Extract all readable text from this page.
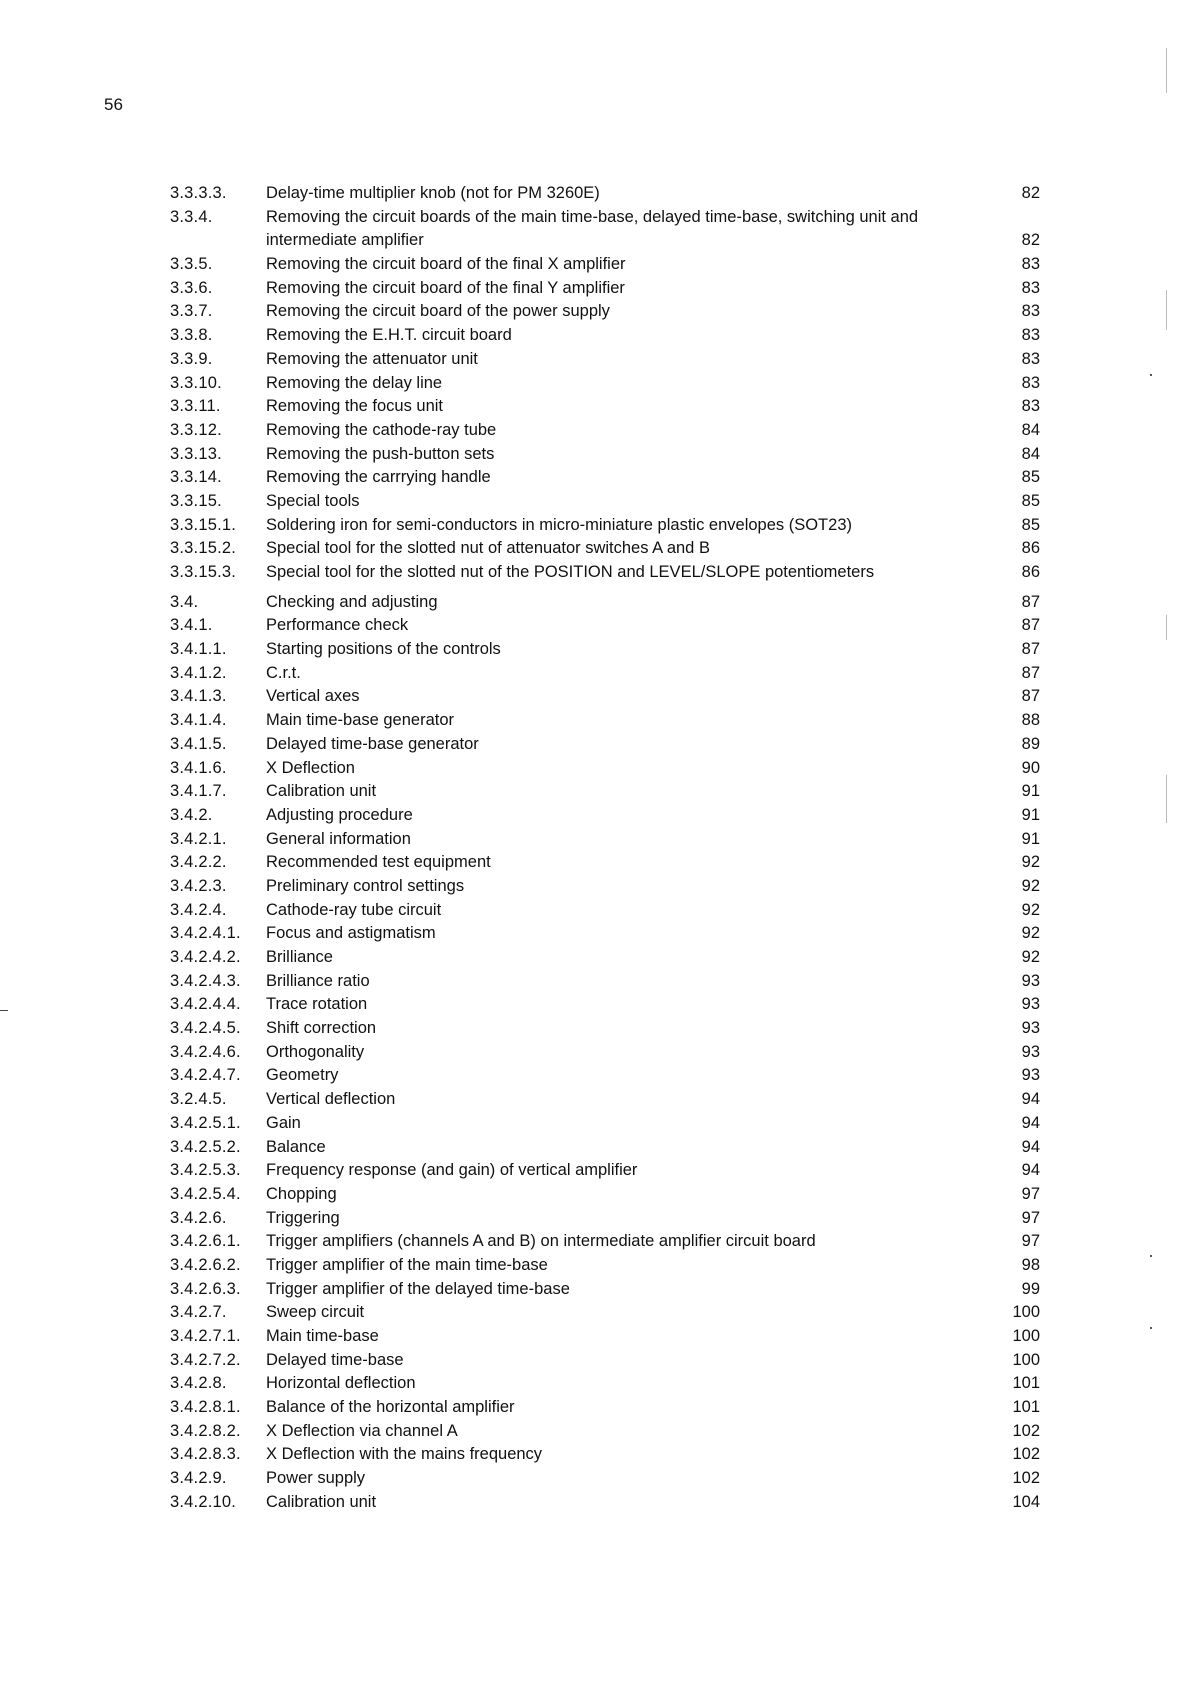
56
3.3.3.3.	Delay-time multiplier knob (not for PM 3260E)	82
3.3.4.	Removing the circuit boards of the main time-base, delayed time-base, switching unit and intermediate amplifier	82
3.3.5.	Removing the circuit board of the final X amplifier	83
3.3.6.	Removing the circuit board of the final Y amplifier	83
3.3.7.	Removing the circuit board of the power supply	83
3.3.8.	Removing the E.H.T. circuit board	83
3.3.9.	Removing the attenuator unit	83
3.3.10.	Removing the delay line	83
3.3.11.	Removing the focus unit	83
3.3.12.	Removing the cathode-ray tube	84
3.3.13.	Removing the push-button sets	84
3.3.14.	Removing the carrrying handle	85
3.3.15.	Special tools	85
3.3.15.1.	Soldering iron for semi-conductors in micro-miniature plastic envelopes (SOT23)	85
3.3.15.2.	Special tool for the slotted nut of attenuator switches A and B	86
3.3.15.3.	Special tool for the slotted nut of the POSITION and LEVEL/SLOPE potentiometers	86
3.4.	Checking and adjusting	87
3.4.1.	Performance check	87
3.4.1.1.	Starting positions of the controls	87
3.4.1.2.	C.r.t.	87
3.4.1.3.	Vertical axes	87
3.4.1.4.	Main time-base generator	88
3.4.1.5.	Delayed time-base generator	89
3.4.1.6.	X Deflection	90
3.4.1.7.	Calibration unit	91
3.4.2.	Adjusting procedure	91
3.4.2.1.	General information	91
3.4.2.2.	Recommended test equipment	92
3.4.2.3.	Preliminary control settings	92
3.4.2.4.	Cathode-ray tube circuit	92
3.4.2.4.1.	Focus and astigmatism	92
3.4.2.4.2.	Brilliance	92
3.4.2.4.3.	Brilliance ratio	93
3.4.2.4.4.	Trace rotation	93
3.4.2.4.5.	Shift correction	93
3.4.2.4.6.	Orthogonality	93
3.4.2.4.7.	Geometry	93
3.2.4.5.	Vertical deflection	94
3.4.2.5.1.	Gain	94
3.4.2.5.2.	Balance	94
3.4.2.5.3.	Frequency response (and gain) of vertical amplifier	94
3.4.2.5.4.	Chopping	97
3.4.2.6.	Triggering	97
3.4.2.6.1.	Trigger amplifiers (channels A and B) on intermediate amplifier circuit board	97
3.4.2.6.2.	Trigger amplifier of the main time-base	98
3.4.2.6.3.	Trigger amplifier of the delayed time-base	99
3.4.2.7.	Sweep circuit	100
3.4.2.7.1.	Main time-base	100
3.4.2.7.2.	Delayed time-base	100
3.4.2.8.	Horizontal deflection	101
3.4.2.8.1.	Balance of the horizontal amplifier	101
3.4.2.8.2.	X Deflection via channel A	102
3.4.2.8.3.	X Deflection with the mains frequency	102
3.4.2.9.	Power supply	102
3.4.2.10.	Calibration unit	104
